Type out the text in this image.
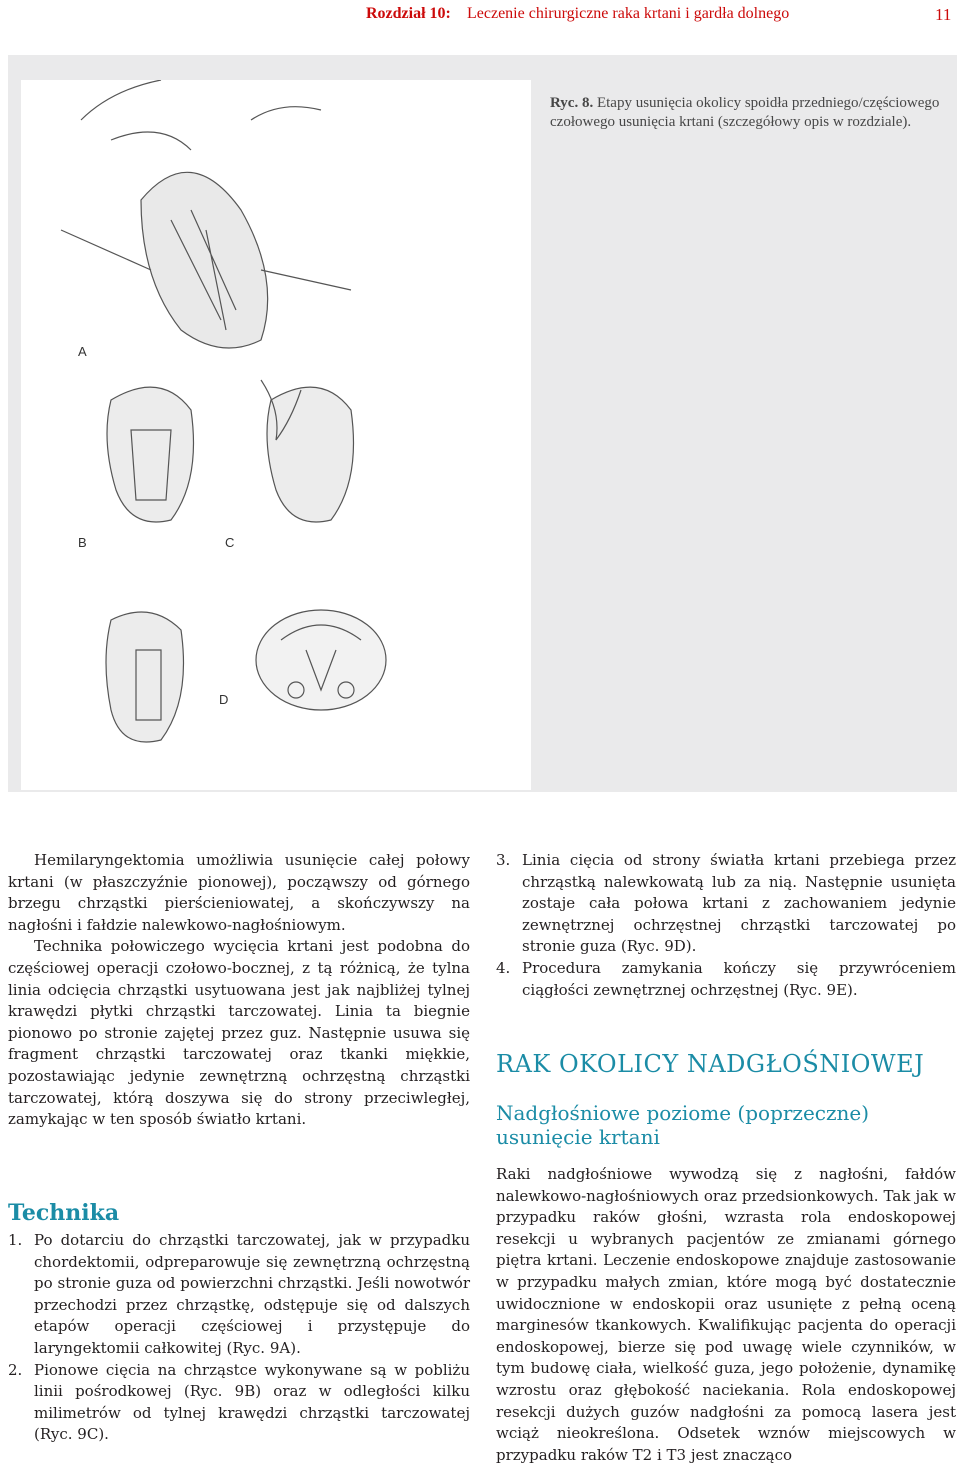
Rozdział 10: Leczenie chirurgiczne raka krtani i gardła dolnego	11
A
B	C
D
Ryc. 8. Etapy usunięcia okolicy spoidła przedniego/częściowego czołowego usunięcia krtani (szczegółowy opis w rozdziale).

Hemilaryngektomia umożliwia usunięcie całej połowy krtani (w płaszczyźnie pionowej), począwszy od górnego brzegu chrząstki pierścieniowatej, a skończywszy na nagłośni i fałdzie nalewkowo-nagłośniowym.

Technika połowiczego wycięcia krtani jest podobna do częściowej operacji czołowo-bocznej, z tą różnicą, że tylna linia odcięcia chrząstki usytuowana jest jak najbliżej tylnej krawędzi płytki chrząstki tarczowatej. Linia ta biegnie pionowo po stronie zajętej przez guz. Następnie usuwa się fragment chrząstki tarczowatej oraz tkanki miękkie, pozostawiając jedynie zewnętrzną ochrzęstną chrząstki tarczowatej, którą doszywa się do strony przeciwległej, zamykając w ten sposób światło krtani.

Technika
1. Po dotarciu do chrząstki tarczowatej, jak w przypadku chordektomii, odpreparowuje się zewnętrzną ochrzęstną po stronie guza od powierzchni chrząstki. Jeśli nowotwór przechodzi przez chrząstkę, odstępuje się od dalszych etapów operacji częściowej i przystępuje do laryngektomii całkowitej (Ryc. 9A).
2. Pionowe cięcia na chrząstce wykonywane są w pobliżu linii pośrodkowej (Ryc. 9B) oraz w odległości kilku milimetrów od tylnej krawędzi chrząstki tarczowatej (Ryc. 9C).
3. Linia cięcia od strony światła krtani przebiega przez chrząstką nalewkowatą lub za nią. Następnie usunięta zostaje cała połowa krtani z zachowaniem jedynie zewnętrznej ochrzęstnej chrząstki tarczowatej po stronie guza (Ryc. 9D).
4. Procedura zamykania kończy się przywróceniem ciągłości zewnętrznej ochrzęstnej (Ryc. 9E).
RAK OKOLICY NADGŁOŚNIOWEJ
Nadgłośniowe poziome (poprzeczne) usunięcie krtani

Raki nadgłośniowe wywodzą się z nagłośni, fałdów nalewkowo-nagłośniowych oraz przedsionkowych. Tak jak w przypadku raków głośni, wzrasta rola endoskopowej resekcji u wybranych pacjentów ze zmianami górnego piętra krtani. Leczenie endoskopowe znajduje zastosowanie w przypadku małych zmian, które mogą być dostatecznie uwidocznione w endoskopii oraz usunięte z pełną oceną marginesów tkankowych. Kwalifikując pacjenta do operacji endoskopowej, bierze się pod uwagę wiele czynników, w tym budowę ciała, wielkość guza, jego położenie, dynamikę wzrostu oraz głębokość naciekania. Rola endoskopowej resekcji dużych guzów nadgłośni za pomocą lasera jest wciąż nieokreślona. Odsetek wznów miejscowych w przypadku raków T2 i T3 jest znacząco
